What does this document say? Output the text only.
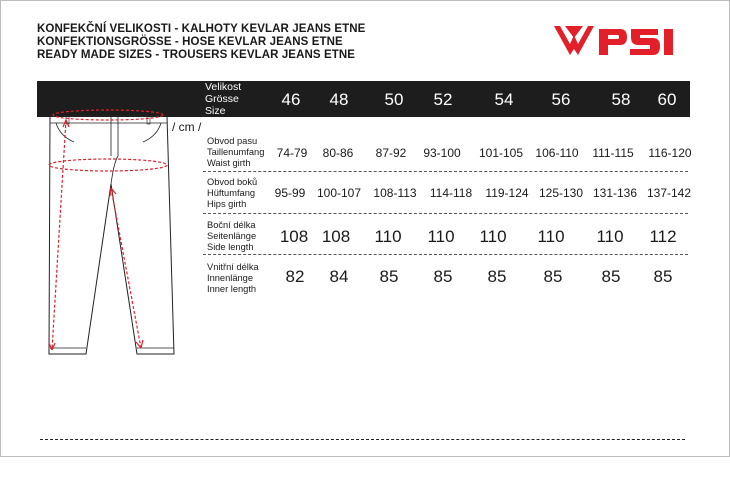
KONFEKČNÍ VELIKOSTI - KALHOTY KEVLAR JEANS ETNE
KONFEKTIONSGRÖSSE - HOSE KEVLAR JEANS ETNE
READY MADE SIZES - TROUSERS KEVLAR JEANS ETNE
Velikost
Grösse
Size
46	48	50	52	54	56	58	60
/ cm /
Obvod pasu
Taillenumfang
Waist girth
74-79	80-86	87-92	93-100	101-105	106-110	111-115	116-120
Obvod boků
Hüftumfang
Hips girth
95-99 100-107	108-113	114-118	119-124 125-130 131-136 137-142
Boční délka
Seitenlänge
Side length
108 108 110 110 110 110 110 112
Vnitřní délka
Innenlänge
Inner length
82	84	85	85	85	85	85	85
